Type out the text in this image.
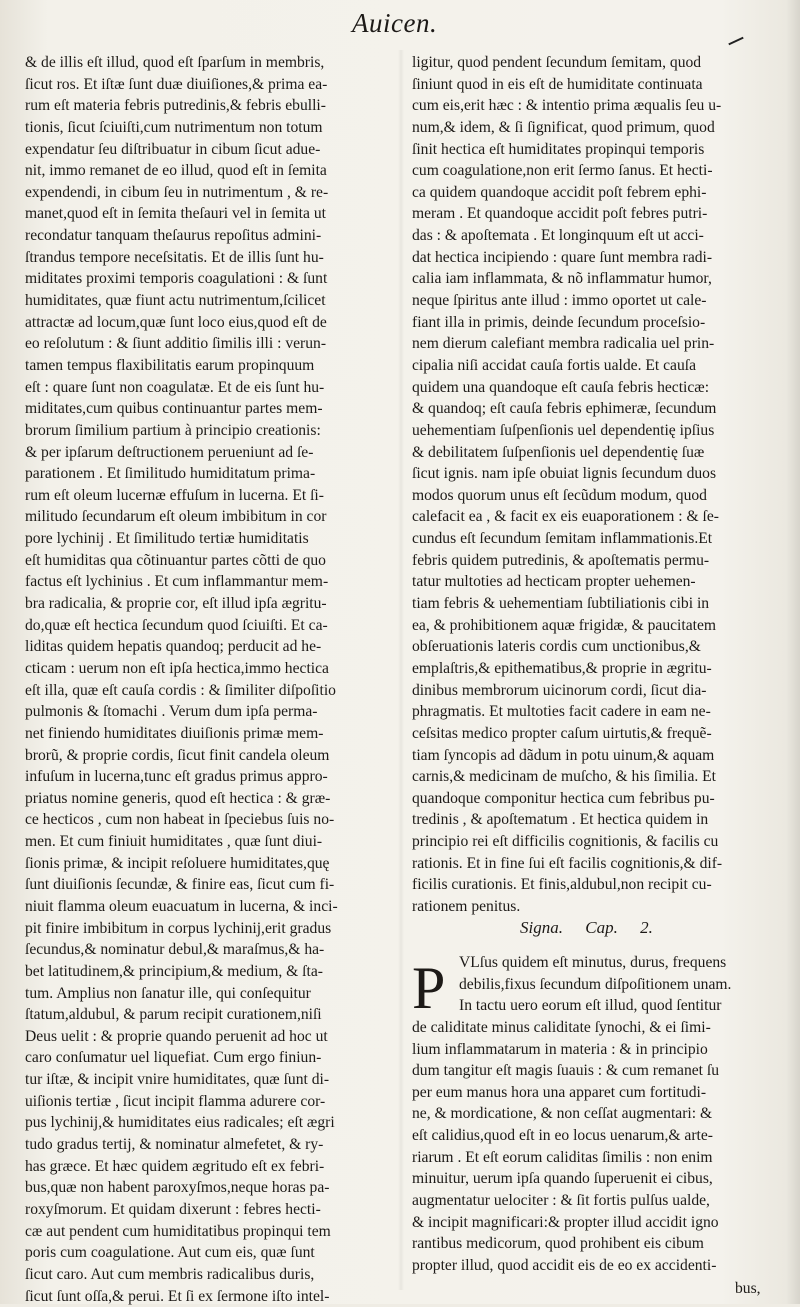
Auicen.
& de illis eſt illud, quod eſt ſparſum in membris,
ſicut ros. Et iſtæ ſunt duæ diuiſiones,& prima ea-
rum eſt materia febris putredinis,& febris ebulli-
tionis, ſicut ſciuiſti,cum nutrimentum non totum
expendatur ſeu diſtribuatur in cibum ſicut adue-
nit, immo remanet de eo illud, quod eſt in ſemita
expendendi, in cibum ſeu in nutrimentum , & re-
manet,quod eſt in ſemita theſauri vel in ſemita ut
recondatur tanquam theſaurus repoſitus admini-
ſtrandus tempore neceſsitatis. Et de illis ſunt hu-
miditates proximi temporis coagulationi : & ſunt
humiditates, quæ fiunt actu nutrimentum,ſcilicet
attractæ ad locum,quæ ſunt loco eius,quod eſt de
eo reſolutum : & ſiunt additio ſimilis illi : verun-
tamen tempus flaxibilitatis earum propinquum
eſt : quare ſunt non coagulatæ. Et de eis ſunt hu-
miditates,cum quibus continuantur partes mem-
brorum ſimilium partium à principio creationis:
& per ipſarum deſtructionem perueniunt ad ſe-
parationem . Et ſimilitudo humiditatum prima-
rum eſt oleum lucernæ effuſum in lucerna. Et ſi-
militudo ſecundarum eſt oleum imbibitum in cor
pore lychinij . Et ſimilitudo tertiæ humiditatis
eſt humiditas qua cõtinuantur partes cõtti de quo
factus eſt lychinius . Et cum inflammantur mem-
bra radicalia, & proprie cor, eſt illud ipſa ægritu-
do,quæ eſt hectica ſecundum quod ſciuiſti. Et ca-
liditas quidem hepatis quandoq; perducit ad he-
cticam : uerum non eſt ipſa hectica,immo hectica
eſt illa, quæ eſt cauſa cordis : & ſimiliter diſpoſitio
pulmonis & ſtomachi . Verum dum ipſa perma-
net finiendo humiditates diuiſionis primæ mem-
brorũ, & proprie cordis, ſicut finit candela oleum
infuſum in lucerna,tunc eſt gradus primus appro-
priatus nomine generis, quod eſt hectica : & græ-
ce hecticos , cum non habeat in ſpeciebus ſuis no-
men. Et cum finiuit humiditates , quæ ſunt diui-
ſionis primæ, & incipit reſoluere humiditates,quę
ſunt diuiſionis ſecundæ, & finire eas, ſicut cum fi-
niuit flamma oleum euacuatum in lucerna, & inci-
pit finire imbibitum in corpus lychinij,erit gradus
ſecundus,& nominatur debul,& maraſmus,& ha-
bet latitudinem,& principium,& medium, & ſta-
tum. Amplius non ſanatur ille, qui conſequitur
ſtatum,aldubul, & parum recipit curationem,niſi
Deus uelit : & proprie quando peruenit ad hoc ut
caro conſumatur uel liquefiat. Cum ergo finiun-
tur iſtæ, & incipit vnire humiditates, quæ ſunt di-
uiſionis tertiæ , ſicut incipit flamma adurere cor-
pus lychinij,& humiditates eius radicales; eſt ægri
tudo gradus tertij, & nominatur almefetet, & ry-
has græce. Et hæc quidem ægritudo eſt ex febri-
bus,quæ non habent paroxyſmos,neque horas pa-
roxyſmorum. Et quidam dixerunt : febres hecti-
cæ aut pendent cum humiditatibus propinqui tem
poris cum coagulatione. Aut cum eis, quæ ſunt
ſicut caro. Aut cum membris radicalibus duris,
ſicut ſunt oſſa,& perui. Et ſi ex ſermone iſto intel-
ligitur, quod pendent ſecundum ſemitam, quod
ſiniunt quod in eis eſt de humiditate continuata
cum eis,erit hæc : & intentio prima æqualis ſeu u-
num,& idem, & ſi ſignificat, quod primum, quod
ſinit hectica eſt humiditates propinqui temporis
cum coagulatione,non erit ſermo ſanus. Et hecti-
ca quidem quandoque accidit poſt febrem ephi-
meram . Et quandoque accidit poſt febres putri-
das : & apoſtemata . Et longinquum eſt ut acci-
dat hectica incipiendo : quare ſunt membra radi-
calia iam inflammata, & nõ inflammatur humor,
neque ſpiritus ante illud : immo oportet ut cale-
fiant illa in primis, deinde ſecundum proceſsio-
nem dierum calefiant membra radicalia uel prin-
cipalia niſi accidat cauſa fortis ualde. Et cauſa
quidem una quandoque eſt cauſa febris hecticæ:
& quandoq; eſt cauſa febris ephimeræ, ſecundum
uehementiam ſuſpenſionis uel dependentię ipſius
& debilitatem ſuſpenſionis uel dependentię ſuæ
ſicut ignis. nam ipſe obuiat lignis ſecundum duos
modos quorum unus eſt ſecũdum modum, quod
calefacit ea , & facit ex eis euaporationem : & ſe-
cundus eſt ſecundum ſemitam inflammationis.Et
febris quidem putredinis, & apoſtematis permu-
tatur multoties ad hecticam propter uehemen-
tiam febris & uehementiam ſubtiliationis cibi in
ea, & prohibitionem aquæ frigidæ, & paucitatem
obſeruationis lateris cordis cum unctionibus,&
emplaſtris,& epithematibus,& proprie in ægritu-
dinibus membrorum uicinorum cordi, ſicut dia-
phragmatis. Et multoties facit cadere in eam ne-
ceſsitas medico propter caſum uirtutis,& frequẽ-
tiam ſyncopis ad dãdum in potu uinum,& aquam
carnis,& medicinam de muſcho, & his ſimilia. Et
quandoque componitur hectica cum febribus pu-
tredinis , & apoſtematum . Et hectica quidem in
principio rei eſt difficilis cognitionis, & facilis cu
rationis. Et in fine ſui eſt facilis cognitionis,& dif-
ficilis curationis. Et finis,aldubul,non recipit cu-
rationem penitus.
Signa. Cap. 2.
P VLſus quidem eſt minutus, durus, frequens
debilis,fixus ſecundum diſpoſitionem unam.
In tactu uero eorum eſt illud, quod ſentitur
de caliditate minus caliditate ſynochi, & ei ſimi-
lium inflammatarum in materia : & in principio
dum tangitur eſt magis ſuauis : & cum remanet ſu
per eum manus hora una apparet cum fortitudi-
ne, & mordicatione, & non ceſſat augmentari: &
eſt calidius,quod eſt in eo locus uenarum,& arte-
riarum . Et eſt eorum caliditas ſimilis : non enim
minuitur, uerum ipſa quando ſuperuenit ei cibus,
augmentatur uelociter : & ſit fortis pulſus ualde,
& incipit magnificari:& propter illud accidit igno
rantibus medicorum, quod prohibent eis cibum
propter illud, quod accidit eis de eo ex accidenti-
bus,
